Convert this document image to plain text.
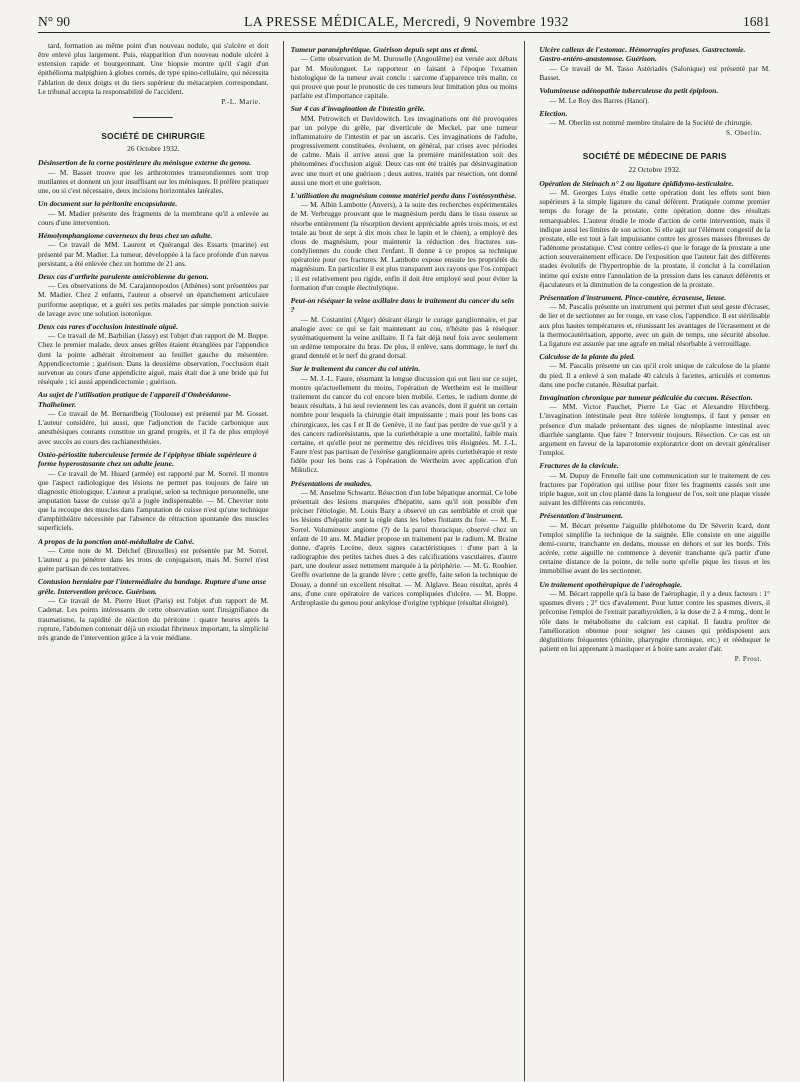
N° 90	LA PRESSE MÉDICALE, Mercredi, 9 Novembre 1932	1681

tard, formation au même point d'un nouveau nodule, qui s'ulcère et doit être enlevé plus largement. Puis, réapparition d'un nouveau nodule ulcéré à extension rapide et bourgeonnant. Une biopsie montre qu'il s'agit d'un épithélioma malpighien à globes cornés, de type spino-cellulaire, qui nécessita l'ablation de deux doigts et du tiers supérieur du métacarpien correspondant. Le tribunal accepta la responsabilité de l'accident.

P.-L. Marie.
SOCIÉTÉ DE CHIRURGIE
26 Octobre 1932.
Désinsertion de la corne postérieure du ménisque externe du genou.

— M. Basset trouve que les arthrotomies transrotuliennes sont trop mutilantes et donnent un jour insuffisant sur les ménisques. Il préfère pratiquer une, ou si c'est nécessaire, deux incisions horizontales latérales.

Un document sur la péritonite encapsulante.

— M. Madier présente des fragments de la membrane qu'il a enlevée au cours d'une intervention.

Hémolymphangiome caverneux du bras chez un adulte.

— Ce travail de MM. Laurent et Quérangal des Essarts (marine) est présenté par M. Madier. La tumeur, développée à la face profonde d'un nævus persistant, a été enlevée chez un homme de 21 ans.

Deux cas d'arthrite purulente amicrobienne du genou.

— Ces observations de M. Carajannopoulos (Athènes) sont présentées par M. Madier. Chez 2 enfants, l'auteur a observé un épanchement articulaire puriforme aseptique, et a guéri ses petits malades par simple ponction suivie de lavage avec une solution isotonique.

Deux cas rares d'occlusion intestinale aiguë.

— Ce travail de M. Barbilian (Jassy) est l'objet d'un rapport de M. Boppe. Chez le premier malade, deux anses grêles étaient étranglées par l'appendice dont la pointe adhérait étroitement au feuillet gauche du mésentère. Appendicectomie ; guérison. Dans la deuxième observation, l'occlusion était survenue au cours d'une appendicite aiguë, mais était due à une bride qui fut réséquée ; ici aussi appendicectomie ; guérison.

Au sujet de l'utilisation pratique de l'appareil d'Ombrédanne-Thalheimer.

— Ce travail de M. Bernardbeig (Toulouse) est présenté par M. Gosset. L'auteur considère, lui aussi, que l'adjonction de l'acide carbonique aux anesthésiques courants constitue un grand progrès, et il l'a de plus employé avec succès au cours des rachianesthésies.

Ostéo-périostite tuberculeuse fermée de l'épiphyse tibiale supérieure à forme hyperostosante chez un adulte jeune.

— Ce travail de M. Huard (armée) est rapporté par M. Sorrel. Il montre que l'aspect radiologique des lésions ne permet pas toujours de faire un diagnostic étiologique. L'auteur a pratiqué, selon sa technique personnelle, une amputation basse de cuisse qu'il a jugée indispensable. — M. Chevrier note que la recoupe des muscles dans l'amputation de cuisse n'est qu'une technique d'amphithéâtre nécessitée par l'absence de rétraction spontanée des muscles superficiels.

A propos de la ponction anté-médullaire de Calvé.

— Cette note de M. Delchef (Bruxelles) est présentée par M. Sorrel. L'auteur a pu pénétrer dans les trous de conjugaison, mais M. Sorrel n'est guère partisan de ces tentatives.

Contusion herniaire par l'intermédiaire du bandage. Rupture d'une anse grêle. Intervention précoce. Guérison.

— Ce travail de M. Pierre Huet (Paris) est l'objet d'un rapport de M. Cadenat. Les points intéressants de cette observation sont l'insignifiance du traumatisme, la rapidité de réaction du péritoine : quatre heures après la rupture, l'abdomen contenait déjà un exsudat fibrineux important, la simplicité très grande de l'intervention grâce à la voie médiane.

Tumeur paranéphrétique. Guérison depuis sept ans et demi.

— Cette observation de M. Duroselle (Angoulême) est versée aux débats par M. Moulonguet. Le rapporteur en faisant à l'époque l'examen histologique de la tumeur avait conclu : sarcome d'apparence très malin, ce qui prouve que pour le pronostic de ces tumeurs leur limitation plus ou moins parfaite est d'importance capitale.

Sur 4 cas d'invagination de l'intestin grêle.

MM. Petrowitch et Davidowitch. Les invaginations ont été provoquées par un polype du grêle, par diverticule de Meckel, par une tumeur inflammatoire de l'intestin et par un ascaris. Ces invaginations de l'adulte, progressivement constituées, évoluent, en général, par crises avec périodes de calme. Mais il arrive aussi que la première manifestation soit des phénomènes d'occlusion aiguë. Deux cas ont été traités par désinvagination avec une mort et une guérison ; deux autres, traités par résection, ont donné aussi une mort et une guérison.

L'utilisation du magnésium comme matériel perdu dans l'ostéosynthèse.

— M. Albin Lambotte (Anvers), à la suite des recherches expérimentales de M. Verbrugge prouvant que le magnésium perdu dans le tissu osseux se résorbe entièrement (la résorption devient appréciable après trois mois, et est totale au bout de sept à dix mois chez le lapin et le chien), a employé des clous de magnésium, pour maintenir la réduction des fractures sus-condyliennes du coude chez l'enfant. Il donne à ce propos sa technique opératoire pour ces fractures. M. Lambotte expose ensuite les propriétés du magnésium. En particulier il est plus transparent aux rayons que l'os compact ; il est relativement peu rigide, enfin il doit être employé seul pour éviter la formation d'un couple électrolytique.

Peut-on réséquer la veine axillaire dans le traitement du cancer du sein ?

— M. Costantini (Alger) désirant élargir le curage ganglionnaire, et par analogie avec ce qui se fait maintenant au cou, n'hésite pas à réséquer systématiquement la veine axillaire. Il l'a fait déjà neuf fois avec seulement un œdème temporaire du bras. De plus, il enlève, sans dommage, le nerf du grand dentelé et le nerf du grand dorsal.

Sur le traitement du cancer du col utérin.

— M. J.-L. Faure, résumant la longue discussion qui eut lieu sur ce sujet, montre qu'actuellement du moins, l'opération de Wertheim est le meilleur traitement du cancer du col encore bien mobile. Certes, le radium donne de beaux résultats, à lui seul reviennent les cas avancés, dont il guérit un certain nombre pour lesquels la chirurgie était impuissante ; mais pour les bons cas chirurgicaux, les cas I et II de Genève, il ne faut pas perdre de vue qu'il y a des cancers radiorésistants, que la curiethérapie a une mortalité, faible mais certaine, et qu'elle peut ne permettre des récidives très éloignées. M. J.-L. Faure n'est pas partisan de l'exérèse ganglionnaire après curiethérapie et reste fidèle pour les bons cas à l'opération de Wertheim avec application d'un Mikulicz.

Présentations de malades.

— M. Anselme Schwartz. Résection d'un lobe hépatique anormal. Ce lobe présentait des lésions marquées d'hépatite, sans qu'il soit possible d'en préciser l'étiologie. M. Louis Bazy a observé un cas semblable et croit que les lésions d'hépatite sont la règle dans les lobes flottants du foie. — M. E. Sorrel. Volumineux angiome (?) de la paroi thoracique, observé chez un enfant de 10 ans. M. Madier propose un traitement par le radium. M. Braine donne, d'après Lecène, deux signes caractéristiques : d'une part à la radiographie des petites taches dues à des calcifications vasculaires, d'autre part, une douleur assez nettement marquée à la périphérie. — M. G. Roubier. Greffe ovarienne de la grande lèvre ; cette greffe, faite selon la technique de Douay, a donné un excellent résultat. — M. Alglave. Beau résultat, après 4 ans, d'une cure opératoire de varices compliquées d'ulcère. — M. Boppe. Arthroplastie du genou pour ankylose d'origine typhique (résultat éloigné).

Ulcère calleux de l'estomac. Hémorragies profuses. Gastrectomie. Gastro-entéro-anastomose. Guérison.

— Ce travail de M. Tasso Astériadès (Salonique) est présenté par M. Basset.

Volumineuse adénopathie tuberculeuse du petit épiploon.

— M. Le Roy des Barres (Hanoï).

Election.

— M. Oberlin est nommé membre titulaire de la Société de chirurgie.

S. Oberlin.
SOCIÉTÉ DE MÉDECINE DE PARIS
22 Octobre 1932.
Opération de Steinach n° 2 ou ligature épididymo-testiculaire.

— M. Georges Luys étudie cette opération dont les effets sont bien supérieurs à la simple ligature du canal déférent. Pratiquée comme premier temps du forage de la prostate, cette opération donne des résultats remarquables. L'auteur étudie le mode d'action de cette intervention, mais il indique aussi les limites de son action. Si elle agit sur l'élément congestif de la prostate, elle est tout à fait impuissante contre les grosses masses fibreuses de l'adénome prostatique. C'est contre celles-ci que le forage de la prostate a une action souverainement efficace. De l'exposition que l'auteur fait des différents stades évolutifs de l'hypertrophie de la prostate, il conclut à la corrélation intime qui existe entre l'annulation de la pression dans les canaux déférents et éjaculateurs et la diminution de la congestion de la prostate.

Présentation d'instrument. Pince-cautère, écraseuse, lieuse.

— M. Pascalis présente un instrument qui permet d'un seul geste d'écraser, de lier et de sectionner au fer rouge, en vase clos, l'appendice. Il est stérilisable aux plus hautes températures et, réunissant les avantages de l'écrasement et de la thermocautérisation, apporte, avec un gain de temps, une sécurité absolue. La ligature est assurée par une agrafe en métal résorbable à verrouillage.

Calculose de la plante du pied.

— M. Pascalis présente un cas qu'il croit unique de calculose de la plante du pied. Il a enlevé à son malade 40 calculs à facettes, articulés et contenus dans une poche cutanée. Résultat parfait.

Invagination chronique par tumeur pédiculée du cæcum. Résection.

— MM. Victor Pauchet, Pierre Le Gac et Alexandre Hirchberg. L'invagination intestinale peut être tolérée longtemps, il faut y penser en présence d'un malade présentant des signes de néoplasme intestinal avec diarrhée sanglante. Que faire ? Intervenir toujours. Résection. Ce cas est un argument en faveur de la laparotomie exploratrice dont on devrait généraliser l'emploi.

Fractures de la clavicule.

— M. Dupuy de Frenelle fait une communication sur le traitement de ces fractures par l'opération qui utilise pour fixer les fragments cassés soit une triple bague, soit un clou planté dans la longueur de l'os, soit une plaque vissée suivant les différents cas rencontrés.

Présentation d'instrument.

— M. Bécart présente l'aiguille phlébotome du Dr Séverin Icard, dont l'emploi simplifie la technique de la saignée. Elle consiste en une aiguille demi-courte, tranchante en dedans, mousse en dehors et sur les bords. Très acérée, cette aiguille ne commence à devenir tranchante qu'à partir d'une certaine distance de la pointe, de telle sorte qu'elle pique les tissus et les immobilise avant de les sectionner.

Un traitement opothérapique de l'aérophagie.

— M. Bécart rappelle qu'à la base de l'aérophagie, il y a deux facteurs : 1° spasmes divers ; 2° tics d'avalement. Pour lutter contre les spasmes divers, il préconise l'emploi de l'extrait parathyroïdien, à la dose de 2 à 4 mmg., dont le rôle dans le métabolisme du calcium est capital. Il faudra profiter de l'amélioration obtenue pour soigner les causes qui prédisposent aux déglutitions fréquentes (rhinite, pharyngite chronique, etc.) et rééduquer le patient en lui apprenant à mastiquer et à boire sans avaler d'air.

P. Prost.
